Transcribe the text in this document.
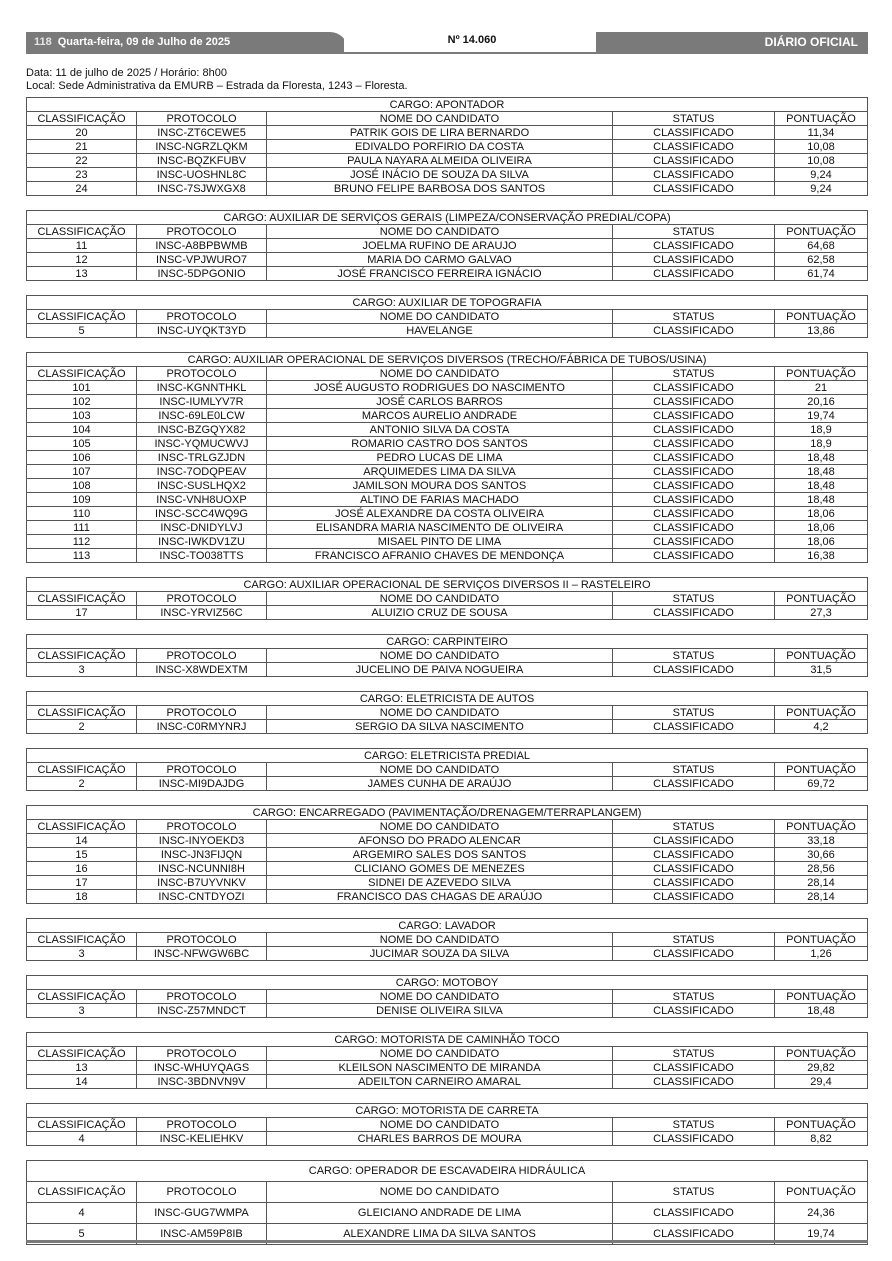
118 Quarta-feira, 09 de Julho de 2025	Nº 14.060	DIÁRIO OFICIAL
Data: 11 de julho de 2025 / Horário: 8h00
Local: Sede Administrativa da EMURB – Estrada da Floresta, 1243 – Floresta.
CARGO: APONTADOR				
CLASSIFICAÇÃO	PROTOCOLO	NOME DO CANDIDATO	STATUS	PONTUAÇÃO
20	INSC-ZT6CEWE5	PATRIK GOIS DE LIRA BERNARDO	CLASSIFICADO	11,34
21	INSC-NGRZLQKM	EDIVALDO PORFIRIO DA COSTA	CLASSIFICADO	10,08
22	INSC-BQZKFUBV	PAULA NAYARA ALMEIDA OLIVEIRA	CLASSIFICADO	10,08
23	INSC-UOSHNL8C	JOSÉ INÁCIO DE SOUZA DA SILVA	CLASSIFICADO	9,24
24	INSC-7SJWXGX8	BRUNO FELIPE BARBOSA DOS SANTOS	CLASSIFICADO	9,24
CARGO: AUXILIAR DE SERVIÇOS GERAIS (LIMPEZA/CONSERVAÇÃO PREDIAL/COPA)				
CLASSIFICAÇÃO	PROTOCOLO	NOME DO CANDIDATO	STATUS	PONTUAÇÃO
11	INSC-A8BPBWMB	JOELMA RUFINO DE ARAUJO	CLASSIFICADO	64,68
12	INSC-VPJWURO7	MARIA DO CARMO GALVAO	CLASSIFICADO	62,58
13	INSC-5DPGONIO	JOSÉ FRANCISCO FERREIRA IGNÁCIO	CLASSIFICADO	61,74
CARGO: AUXILIAR DE TOPOGRAFIA				
CLASSIFICAÇÃO	PROTOCOLO	NOME DO CANDIDATO	STATUS	PONTUAÇÃO
5	INSC-UYQKT3YD	HAVELANGE	CLASSIFICADO	13,86
CARGO: AUXILIAR OPERACIONAL DE SERVIÇOS DIVERSOS (TRECHO/FÁBRICA DE TUBOS/USINA)				
CLASSIFICAÇÃO	PROTOCOLO	NOME DO CANDIDATO	STATUS	PONTUAÇÃO
101	INSC-KGNNTHKL	JOSÉ AUGUSTO RODRIGUES DO NASCIMENTO	CLASSIFICADO	21
102	INSC-IUMLYV7R	JOSÉ CARLOS BARROS	CLASSIFICADO	20,16
103	INSC-69LE0LCW	MARCOS AURELIO ANDRADE	CLASSIFICADO	19,74
104	INSC-BZGQYX82	ANTONIO SILVA DA COSTA	CLASSIFICADO	18,9
105	INSC-YQMUCWVJ	ROMARIO CASTRO DOS SANTOS	CLASSIFICADO	18,9
106	INSC-TRLGZJDN	PEDRO LUCAS DE LIMA	CLASSIFICADO	18,48
107	INSC-7ODQPEAV	ARQUIMEDES LIMA DA SILVA	CLASSIFICADO	18,48
108	INSC-SUSLHQX2	JAMILSON MOURA DOS SANTOS	CLASSIFICADO	18,48
109	INSC-VNH8UOXP	ALTINO DE FARIAS MACHADO	CLASSIFICADO	18,48
110	INSC-SCC4WQ9G	JOSÉ ALEXANDRE DA COSTA OLIVEIRA	CLASSIFICADO	18,06
111	INSC-DNIDYLVJ	ELISANDRA MARIA NASCIMENTO DE OLIVEIRA	CLASSIFICADO	18,06
112	INSC-IWKDV1ZU	MISAEL PINTO DE LIMA	CLASSIFICADO	18,06
113	INSC-TO038TTS	FRANCISCO AFRANIO CHAVES DE MENDONÇA	CLASSIFICADO	16,38
CARGO: AUXILIAR OPERACIONAL DE SERVIÇOS DIVERSOS II – RASTELEIRO				
CLASSIFICAÇÃO	PROTOCOLO	NOME DO CANDIDATO	STATUS	PONTUAÇÃO
17	INSC-YRVIZ56C	ALUIZIO CRUZ DE SOUSA	CLASSIFICADO	27,3
CARGO: CARPINTEIRO				
CLASSIFICAÇÃO	PROTOCOLO	NOME DO CANDIDATO	STATUS	PONTUAÇÃO
3	INSC-X8WDEXTM	JUCELINO DE PAIVA NOGUEIRA	CLASSIFICADO	31,5
CARGO: ELETRICISTA DE AUTOS				
CLASSIFICAÇÃO	PROTOCOLO	NOME DO CANDIDATO	STATUS	PONTUAÇÃO
2	INSC-C0RMYNRJ	SERGIO DA SILVA NASCIMENTO	CLASSIFICADO	4,2
CARGO: ELETRICISTA PREDIAL				
CLASSIFICAÇÃO	PROTOCOLO	NOME DO CANDIDATO	STATUS	PONTUAÇÃO
2	INSC-MI9DAJDG	JAMES CUNHA DE ARAÚJO	CLASSIFICADO	69,72
CARGO: ENCARREGADO (PAVIMENTAÇÃO/DRENAGEM/TERRAPLANGEM)				
CLASSIFICAÇÃO	PROTOCOLO	NOME DO CANDIDATO	STATUS	PONTUAÇÃO
14	INSC-INYOEKD3	AFONSO DO PRADO ALENCAR	CLASSIFICADO	33,18
15	INSC-JN3FIJQN	ARGEMIRO SALES DOS SANTOS	CLASSIFICADO	30,66
16	INSC-NCUNNI8H	CLICIANO GOMES DE MENEZES	CLASSIFICADO	28,56
17	INSC-B7UYVNKV	SIDNEI DE AZEVEDO SILVA	CLASSIFICADO	28,14
18	INSC-CNTDYOZI	FRANCISCO DAS CHAGAS DE ARAÚJO	CLASSIFICADO	28,14
CARGO: LAVADOR				
CLASSIFICAÇÃO	PROTOCOLO	NOME DO CANDIDATO	STATUS	PONTUAÇÃO
3	INSC-NFWGW6BC	JUCIMAR SOUZA DA SILVA	CLASSIFICADO	1,26
CARGO: MOTOBOY				
CLASSIFICAÇÃO	PROTOCOLO	NOME DO CANDIDATO	STATUS	PONTUAÇÃO
3	INSC-Z57MNDCT	DENISE OLIVEIRA SILVA	CLASSIFICADO	18,48
CARGO: MOTORISTA DE CAMINHÃO TOCO				
CLASSIFICAÇÃO	PROTOCOLO	NOME DO CANDIDATO	STATUS	PONTUAÇÃO
13	INSC-WHUYQAGS	KLEILSON NASCIMENTO DE MIRANDA	CLASSIFICADO	29,82
14	INSC-3BDNVN9V	ADEILTON CARNEIRO AMARAL	CLASSIFICADO	29,4
CARGO: MOTORISTA DE CARRETA				
CLASSIFICAÇÃO	PROTOCOLO	NOME DO CANDIDATO	STATUS	PONTUAÇÃO
4	INSC-KELIEHKV	CHARLES BARROS DE MOURA	CLASSIFICADO	8,82
CARGO: OPERADOR DE ESCAVADEIRA HIDRÁULICA				
CLASSIFICAÇÃO	PROTOCOLO	NOME DO CANDIDATO	STATUS	PONTUAÇÃO
4	INSC-GUG7WMPA	GLEICIANO ANDRADE DE LIMA	CLASSIFICADO	24,36
5	INSC-AM59P8IB	ALEXANDRE LIMA DA SILVA SANTOS	CLASSIFICADO	19,74
